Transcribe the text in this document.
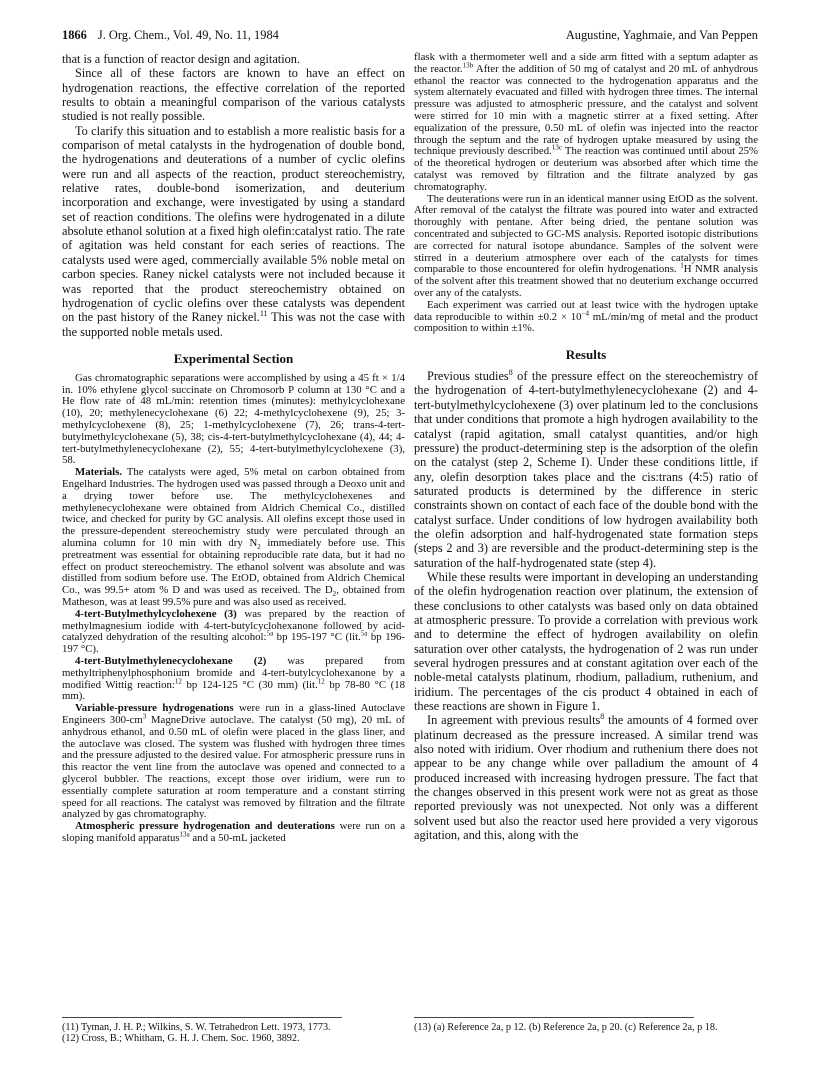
1866 J. Org. Chem., Vol. 49, No. 11, 1984	Augustine, Yaghmaie, and Van Peppen

that is a function of reactor design and agitation.

Since all of these factors are known to have an effect on hydrogenation reactions, the effective correlation of the reported results to obtain a meaningful comparison of the various catalysts studied is not really possible.

To clarify this situation and to establish a more realistic basis for a comparison of metal catalysts in the hydrogenation of double bond, the hydrogenations and deuterations of a number of cyclic olefins were run and all aspects of the reaction, product stereochemistry, relative rates, double-bond isomerization, and deuterium incorporation and exchange, were investigated by using a standard set of reaction conditions. The olefins were hydrogenated in a dilute absolute ethanol solution at a fixed high olefin:catalyst ratio. The rate of agitation was held constant for each series of reactions. The catalysts used were aged, commercially available 5% noble metal on carbon species. Raney nickel catalysts were not included because it was reported that the product stereochemistry obtained on hydrogenation of cyclic olefins over these catalysts was dependent on the past history of the Raney nickel.$^{11}$ This was not the case with the supported noble metals used.

Experimental Section

Gas chromatographic separations were accomplished by using a 45 ft × 1/4 in. 10% ethylene glycol succinate on Chromosorb P column at 130 °C and a He flow rate of 48 mL/min: retention times (minutes): methylcyclohexane (10), 20; methylenecyclohexane (6) 22; 4-methylcyclohexene (9), 25; 3-methylcyclohexene (8), 25; 1-methylcyclohexene (7), 26; trans-4-tert-butylmethylcyclohexane (5), 38; cis-4-tert-butylmethylcyclohexane (4), 44; 4-tert-butylmethylenecyclohexane (2), 55; 4-tert-butylmethylcyclohexene (3), 58.

Materials. The catalysts were aged, 5% metal on carbon obtained from Engelhard Industries. The hydrogen used was passed through a Deoxo unit and a drying tower before use. The methylcyclohexenes and methylenecyclohexane were obtained from Aldrich Chemical Co., distilled twice, and checked for purity by GC analysis. All olefins except those used in the pressure-dependent stereochemistry study were perculated through an alumina column for 10 min with dry $N_2$ immediately before use. This pretreatment was essential for obtaining reproducible rate data, but it had no effect on product stereochemistry. The ethanol solvent was absolute and was distilled from sodium before use. The EtOD, obtained from Aldrich Chemical Co., was 99.5+ atom % D and was used as received. The $D_2$, obtained from Matheson, was at least 99.5% pure and was also used as received.

4-tert-Butylmethylcyclohexene (3) was prepared by the reaction of methylmagnesium iodide with 4-tert-butylcyclohexanone followed by acid-catalyzed dehydration of the resulting alcohol:$^{5a}$ bp 195-197 °C (lit.$^{5a}$ bp 196-197 °C).

4-tert-Butylmethylenecyclohexane (2) was prepared from methyltriphenylphosphonium bromide and 4-tert-butylcyclohexanone by a modified Wittig reaction:$^{12}$ bp 124-125 °C (30 mm) (lit.$^{12}$ bp 78-80 °C (18 mm).

Variable-pressure hydrogenations were run in a glass-lined Autoclave Engineers $300-cm^3$ MagneDrive autoclave. The catalyst (50 mg), 20 mL of anhydrous ethanol, and 0.50 mL of olefin were placed in the glass liner, and the autoclave was closed. The system was flushed with hydrogen three times and the pressure adjusted to the desired value. For atmospheric pressure runs in this reactor the vent line from the autoclave was opened and connected to a glycerol bubbler. The reactions, except those over iridium, were run to essentially complete saturation at room temperature and a constant stirring speed for all reactions. The catalyst was removed by filtration and the filtrate analyzed by gas chromatography.

Atmospheric pressure hydrogenation and deuterations were run on a sloping manifold apparatus$^{13a}$ and a 50-mL jacketed

flask with a thermometer well and a side arm fitted with a septum adapter as the reactor.$^{13b}$ After the addition of 50 mg of catalyst and 20 mL of anhydrous ethanol the reactor was connected to the hydrogenation apparatus and the system alternately evacuated and filled with hydrogen three times. The internal pressure was adjusted to atmospheric pressure, and the catalyst and solvent were stirred for 10 min with a magnetic stirrer at a fixed setting. After equalization of the pressure, 0.50 mL of olefin was injected into the reactor through the septum and the rate of hydrogen uptake measured by using the technique previously described.$^{13c}$ The reaction was continued until about 25% of the theoretical hydrogen or deuterium was absorbed after which time the catalyst was removed by filtration and the filtrate analyzed by gas chromatography.

The deuterations were run in an identical manner using EtOD as the solvent. After removal of the catalyst the filtrate was poured into water and extracted thoroughly with pentane. After being dried, the pentane solution was concentrated and subjected to GC-MS analysis. Reported isotopic distributions are corrected for natural isotope abundance. Samples of the solvent were stirred in a deuterium atmosphere over each of the catalysts for times comparable to those encountered for olefin hydrogenations. $^1$H NMR analysis of the solvent after this treatment showed that no deuterium exchange occurred over any of the catalysts.

Each experiment was carried out at least twice with the hydrogen uptake data reproducible to within $\pm 0.2 \times 10^{-4}$ mL/min/mg of metal and the product composition to within ±1%.

Results

Previous studies$^8$ of the pressure effect on the stereochemistry of the hydrogenation of 4-tert-butylmethylenecyclohexane (2) and 4-tert-butylmethylcyclohexene (3) over platinum led to the conclusions that under conditions that promote a high hydrogen availability to the catalyst (rapid agitation, small catalyst quantities, and/or high pressure) the product-determining step is the adsorption of the olefin on the catalyst (step 2, Scheme I). Under these conditions little, if any, olefin desorption takes place and the cis:trans (4:5) ratio of saturated products is determined by the difference in steric constraints shown on contact of each face of the double bond with the catalyst surface. Under conditions of low hydrogen availability both the olefin adsorption and half-hydrogenated state formation steps (steps 2 and 3) are reversible and the product-determining step is the saturation of the half-hydrogenated state (step 4).

While these results were important in developing an understanding of the olefin hydrogenation reaction over platinum, the extension of these conclusions to other catalysts was based only on data obtained at atmospheric pressure. To provide a correlation with previous work and to determine the effect of hydrogen availability on olefin saturation over other catalysts, the hydrogenation of 2 was run under several hydrogen pressures and at constant agitation over each of the noble-metal catalysts platinum, rhodium, palladium, ruthenium, and iridium. The percentages of the cis product 4 obtained in each of these reactions are shown in Figure 1.

In agreement with previous results$^8$ the amounts of 4 formed over platinum decreased as the pressure increased. A similar trend was also noted with iridium. Over rhodium and ruthenium there does not appear to be any change while over palladium the amount of 4 produced increased with increasing hydrogen pressure. The fact that the changes observed in this present work were not as great as those reported previously was not unexpected. Not only was a different solvent used but also the reactor used here provided a very vigorous agitation, and this, along with the

(11) Tyman, J. H. P.; Wilkins, S. W. Tetrahedron Lett. 1973, 1773.
(12) Cross, B.; Whitham, G. H. J. Chem. Soc. 1960, 3892.
(13) (a) Reference 2a, p 12. (b) Reference 2a, p 20. (c) Reference 2a, p 18.
